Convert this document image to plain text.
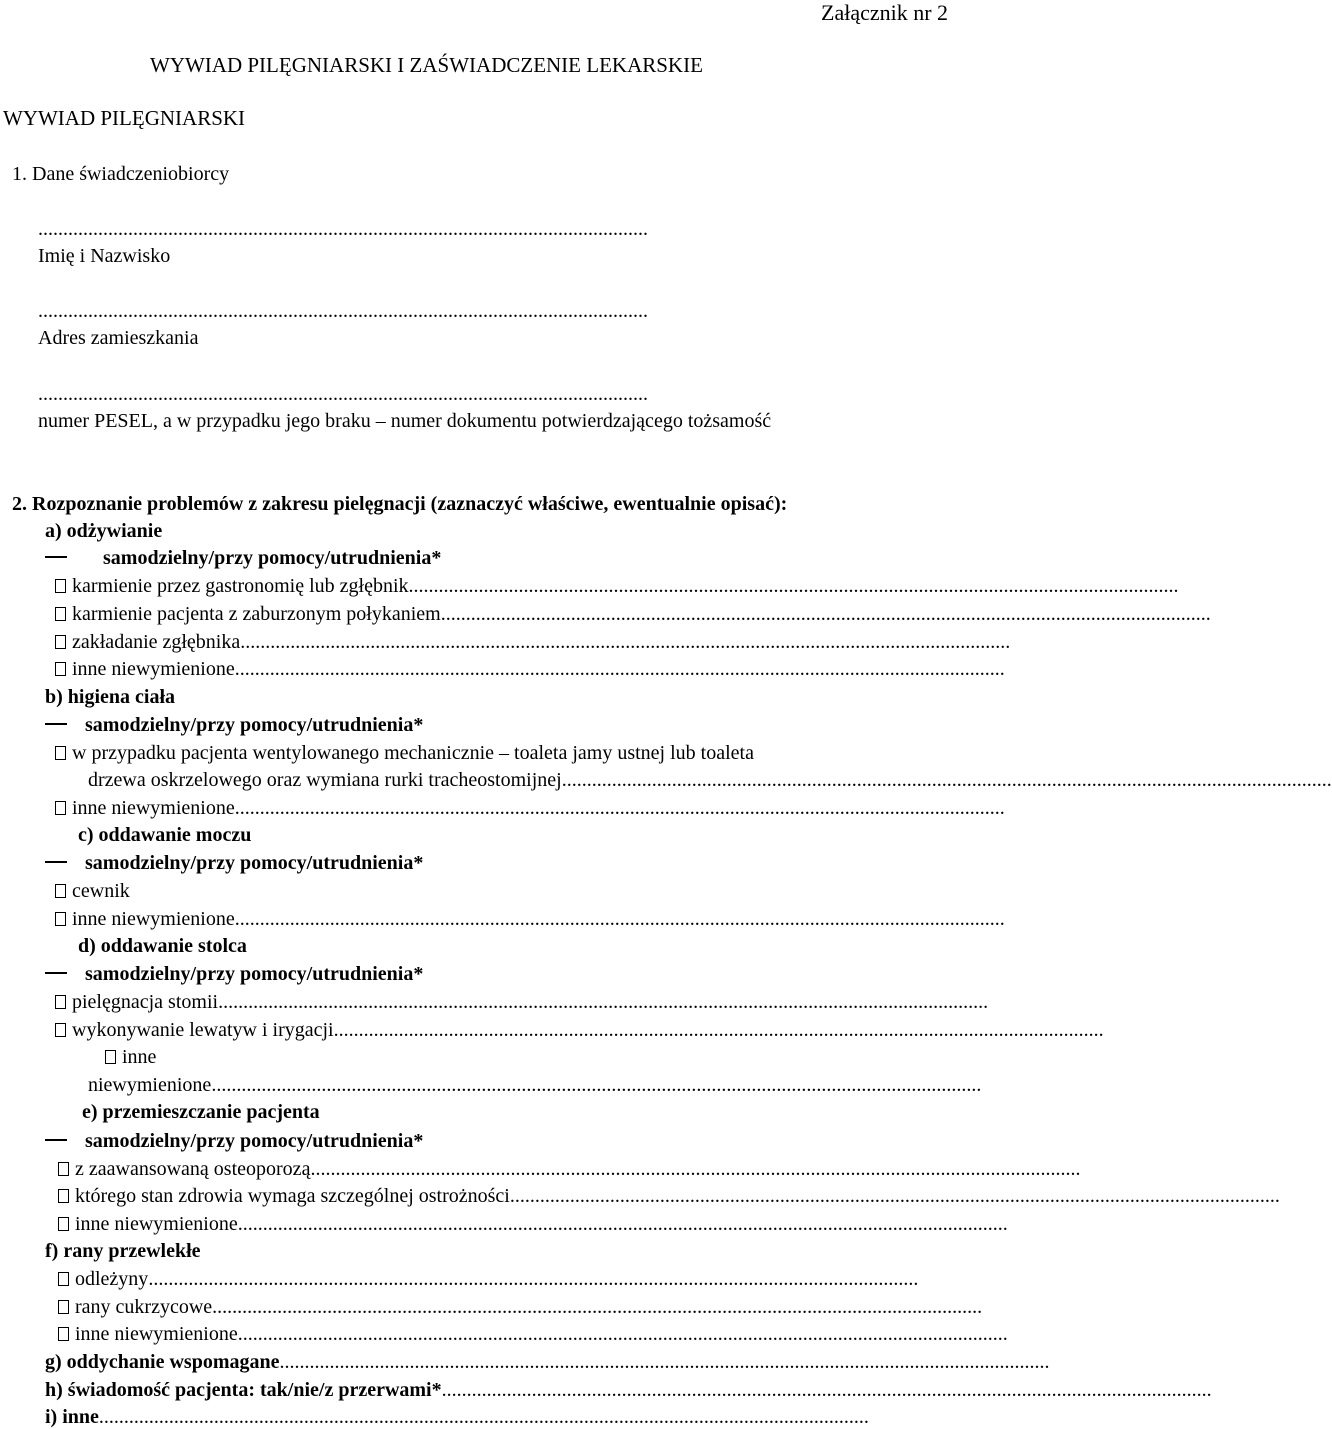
Załącznik nr 2
WYWIAD PILĘGNIARSKI I ZAŚWIADCZENIE LEKARSKIE
WYWIAD PILĘGNIARSKI
1. Dane świadczeniobiorcy
..........................................................................................................................
Imię i Nazwisko
..........................................................................................................................
Adres zamieszkania
..........................................................................................................................
numer PESEL, a w przypadku jego braku – numer dokumentu potwierdzającego tożsamość
2. Rozpoznanie problemów z zakresu pielęgnacji (zaznaczyć właściwe, ewentualnie opisać):
a) odżywianie
samodzielny/przy pomocy/utrudnienia*
karmienie przez gastronomię lub zgłębnik..........................................................................................................................................................
karmienie pacjenta z zaburzonym połykaniem..........................................................................................................................................................
zakładanie zgłębnika..........................................................................................................................................................
inne niewymienione..........................................................................................................................................................
b) higiena ciała
samodzielny/przy pomocy/utrudnienia*
w przypadku pacjenta wentylowanego mechanicznie – toaleta jamy ustnej lub toaleta
drzewa oskrzelowego oraz wymiana rurki tracheostomijnej..........................................................................................................................................................
inne niewymienione..........................................................................................................................................................
c) oddawanie moczu
samodzielny/przy pomocy/utrudnienia*
cewnik
inne niewymienione..........................................................................................................................................................
d) oddawanie stolca
samodzielny/przy pomocy/utrudnienia*
pielęgnacja stomii..........................................................................................................................................................
wykonywanie lewatyw i irygacji..........................................................................................................................................................
inne
niewymienione..........................................................................................................................................................
e) przemieszczanie pacjenta
samodzielny/przy pomocy/utrudnienia*
z zaawansowaną osteoporozą..........................................................................................................................................................
którego stan zdrowia wymaga szczególnej ostrożności..........................................................................................................................................................
inne niewymienione..........................................................................................................................................................
f) rany przewlekłe
odleżyny..........................................................................................................................................................
rany cukrzycowe..........................................................................................................................................................
inne niewymienione..........................................................................................................................................................
g) oddychanie wspomagane..........................................................................................................................................................
h) świadomość pacjenta: tak/nie/z przerwami*..........................................................................................................................................................
i) inne..........................................................................................................................................................
